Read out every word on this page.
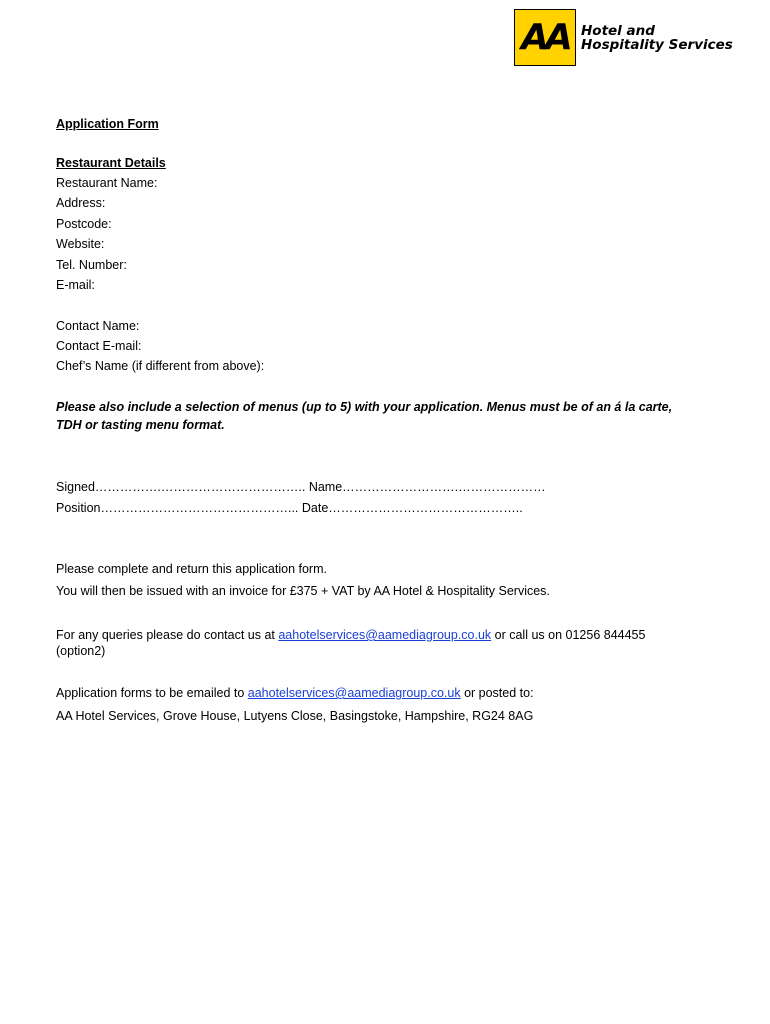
AA Hotel and
Hospitality Services
Application Form
Restaurant Details
Restaurant Name:
Address:
Postcode:
Website:
Tel. Number:
E-mail:
Contact Name:
Contact E-mail:
Chef’s Name (if different from above):
Please also include a selection of menus (up to 5) with your application. Menus must be of an á la carte,
TDH or tasting menu format.
Signed…………….…………………………….. Name……………………….…………………
Position………………………………………... Date………………………………………..
Please complete and return this application form.
You will then be issued with an invoice for £375 + VAT by AA Hotel & Hospitality Services.
For any queries please do contact us at aahotelservices@aamediagroup.co.uk or call us on 01256 844455
(option2)
Application forms to be emailed to aahotelservices@aamediagroup.co.uk or posted to:
AA Hotel Services, Grove House, Lutyens Close, Basingstoke, Hampshire, RG24 8AG
